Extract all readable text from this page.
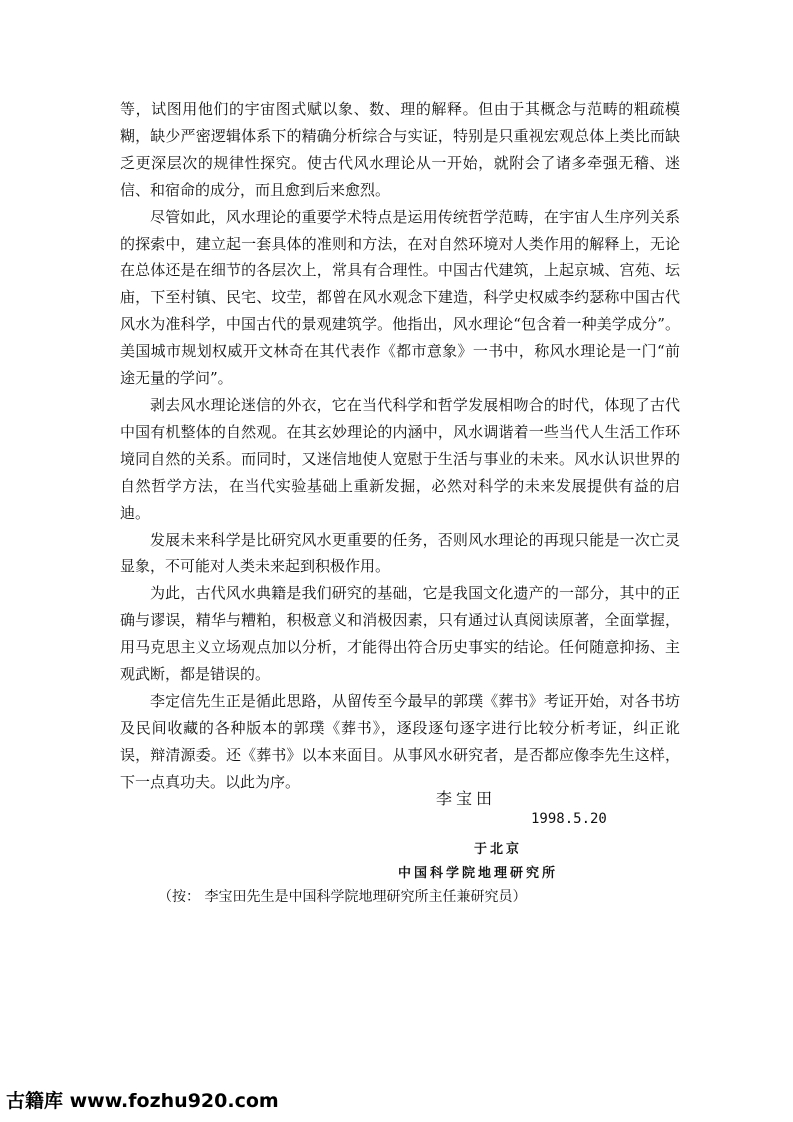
等，试图用他们的宇宙图式赋以象、数、理的解释。但由于其概念与范畴的粗疏模糊，缺少严密逻辑体系下的精确分析综合与实证，特别是只重视宏观总体上类比而缺乏更深层次的规律性探究。使古代风水理论从一开始，就附会了诸多牵强无稽、迷信、和宿命的成分，而且愈到后来愈烈。

尽管如此，风水理论的重要学术特点是运用传统哲学范畴，在宇宙人生序列关系的探索中，建立起一套具体的准则和方法，在对自然环境对人类作用的解释上，无论在总体还是在细节的各层次上，常具有合理性。中国古代建筑，上起京城、宫苑、坛庙，下至村镇、民宅、坟茔，都曾在风水观念下建造，科学史权威李约瑟称中国古代风水为准科学，中国古代的景观建筑学。他指出，风水理论“包含着一种美学成分”。美国城市规划权威开文林奇在其代表作《都市意象》一书中，称风水理论是一门“前途无量的学问”。

剥去风水理论迷信的外衣，它在当代科学和哲学发展相吻合的时代，体现了古代中国有机整体的自然观。在其玄妙理论的内涵中，风水调谐着一些当代人生活工作环境同自然的关系。而同时，又迷信地使人宽慰于生活与事业的未来。风水认识世界的自然哲学方法，在当代实验基础上重新发掘，必然对科学的未来发展提供有益的启迪。

发展未来科学是比研究风水更重要的任务，否则风水理论的再现只能是一次亡灵显象，不可能对人类未来起到积极作用。

为此，古代风水典籍是我们研究的基础，它是我国文化遗产的一部分，其中的正确与谬误，精华与糟粕，积极意义和消极因素，只有通过认真阅读原著，全面掌握，用马克思主义立场观点加以分析，才能得出符合历史事实的结论。任何随意抑扬、主观武断，都是错误的。

李定信先生正是循此思路，从留传至今最早的郭璞《葬书》考证开始，对各书坊及民间收藏的各种版本的郭璞《葬书》，逐段逐句逐字进行比较分析考证，纠正讹误，辩清源委。还《葬书》以本来面目。从事风水研究者，是否都应像李先生这样，下一点真功夫。以此为序。

李宝田
1998.5.20
于北京
中国科学院地理研究所
（按： 李宝田先生是中国科学院地理研究所主任兼研究员）
古籍库 www.fozhu920.com
